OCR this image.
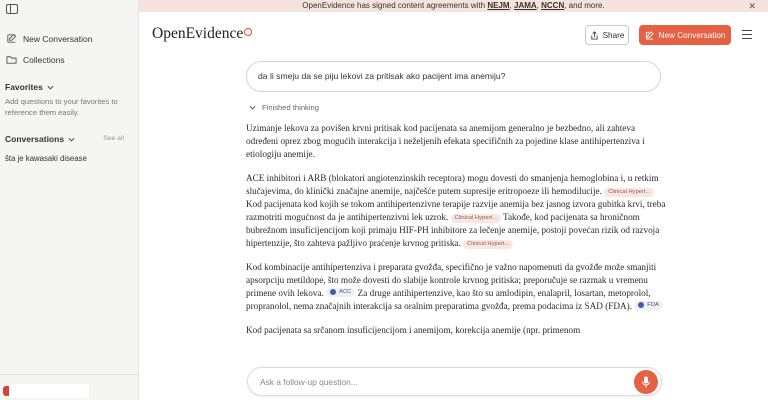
New Conversation
Collections
Favorites
Add questions to your favorites to reference them easily.
Conversations	See all
šta je kawasaki disease
OpenEvidence has signed content agreements with NEJM, JAMA, NCCN, and more.	✕
OpenEvidence	Share	New Conversation
da li smeju da se piju lekovi za pritisak ako pacijent ima anemiju?
Finished thinking

Uzimanje lekova za povišen krvni pritisak kod pacijenata sa anemijom generalno je bezbedno, ali zahteva određeni oprez zbog mogućih interakcija i neželjenih efekata specifičnih za pojedine klase antihipertenziva i etiologiju anemije.

ACE inhibitori i ARB (blokatori angiotenzinskih receptora) mogu dovesti do smanjenja hemoglobina i, u retkim slučajevima, do klinički značajne anemije, najčešće putem supresije eritropoeze ili hemodilucije. Clinical Hypert... Kod pacijenata kod kojih se tokom antihipertenzivne terapije razvije anemija bez jasnog izvora gubitka krvi, treba razmotriti mogućnost da je antihipertenzivni lek uzrok. Clinical Hypert... Takođe, kod pacijenata sa hroničnom bubrežnom insuficijencijom koji primaju HIF-PH inhibitore za lečenje anemije, postoji povećan rizik od razvoja hipertenzije, što zahteva pažljivo praćenje krvnog pritiska. Clinical Hypert...

Kod kombinacije antihipertenziva i preparata gvožđa, specifično je važno napomenuti da gvožđe može smanjiti apsorpciju metildope, što može dovesti do slabije kontrole krvnog pritiska; preporučuje se razmak u vremenu primene ovih lekova.	ACC Za druge antihipertenzive, kao što su amlodipin, enalapril, losartan, metoprolol, propranolol, nema značajnih interakcija sa oralnim preparatima gvožđa, prema podacima iz SAD (FDA).	FDA

Kod pacijenata sa srčanom insuficijencijom i anemijom, korekcija anemije (npr. primenom

Ask a follow-up question...
